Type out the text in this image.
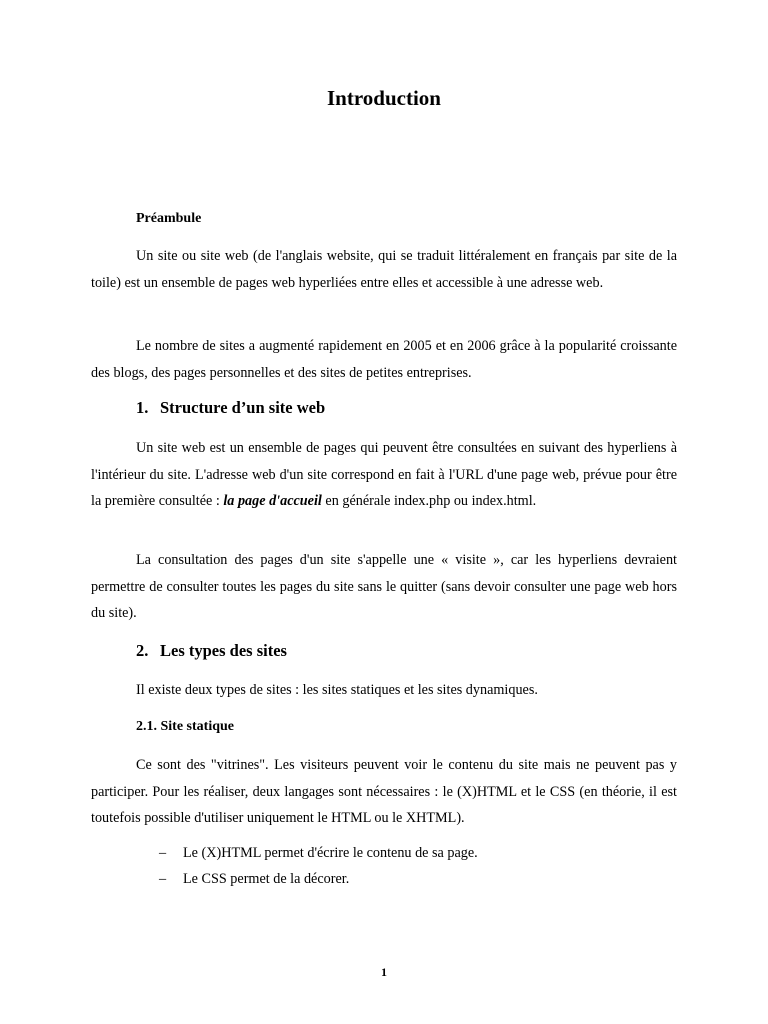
Introduction
Préambule

Un site ou site web (de l'anglais website, qui se traduit littéralement en français par site de la toile) est un ensemble de pages web hyperliées entre elles et accessible à une adresse web.

Le nombre de sites a augmenté rapidement en 2005 et en 2006 grâce à la popularité croissante des blogs, des pages personnelles et des sites de petites entreprises.

1. Structure d’un site web

Un site web est un ensemble de pages qui peuvent être consultées en suivant des hyperliens à l'intérieur du site. L'adresse web d'un site correspond en fait à l'URL d'une page web, prévue pour être la première consultée : la page d'accueil en générale index.php ou index.html.

La consultation des pages d'un site s'appelle une « visite », car les hyperliens devraient permettre de consulter toutes les pages du site sans le quitter (sans devoir consulter une page web hors du site).

2. Les types des sites

Il existe deux types de sites : les sites statiques et les sites dynamiques.

2.1. Site statique

Ce sont des "vitrines". Les visiteurs peuvent voir le contenu du site mais ne peuvent pas y participer. Pour les réaliser, deux langages sont nécessaires : le (X)HTML et le CSS (en théorie, il est toutefois possible d'utiliser uniquement le HTML ou le XHTML).

– Le (X)HTML permet d'écrire le contenu de sa page.
– Le CSS permet de la décorer.
1
